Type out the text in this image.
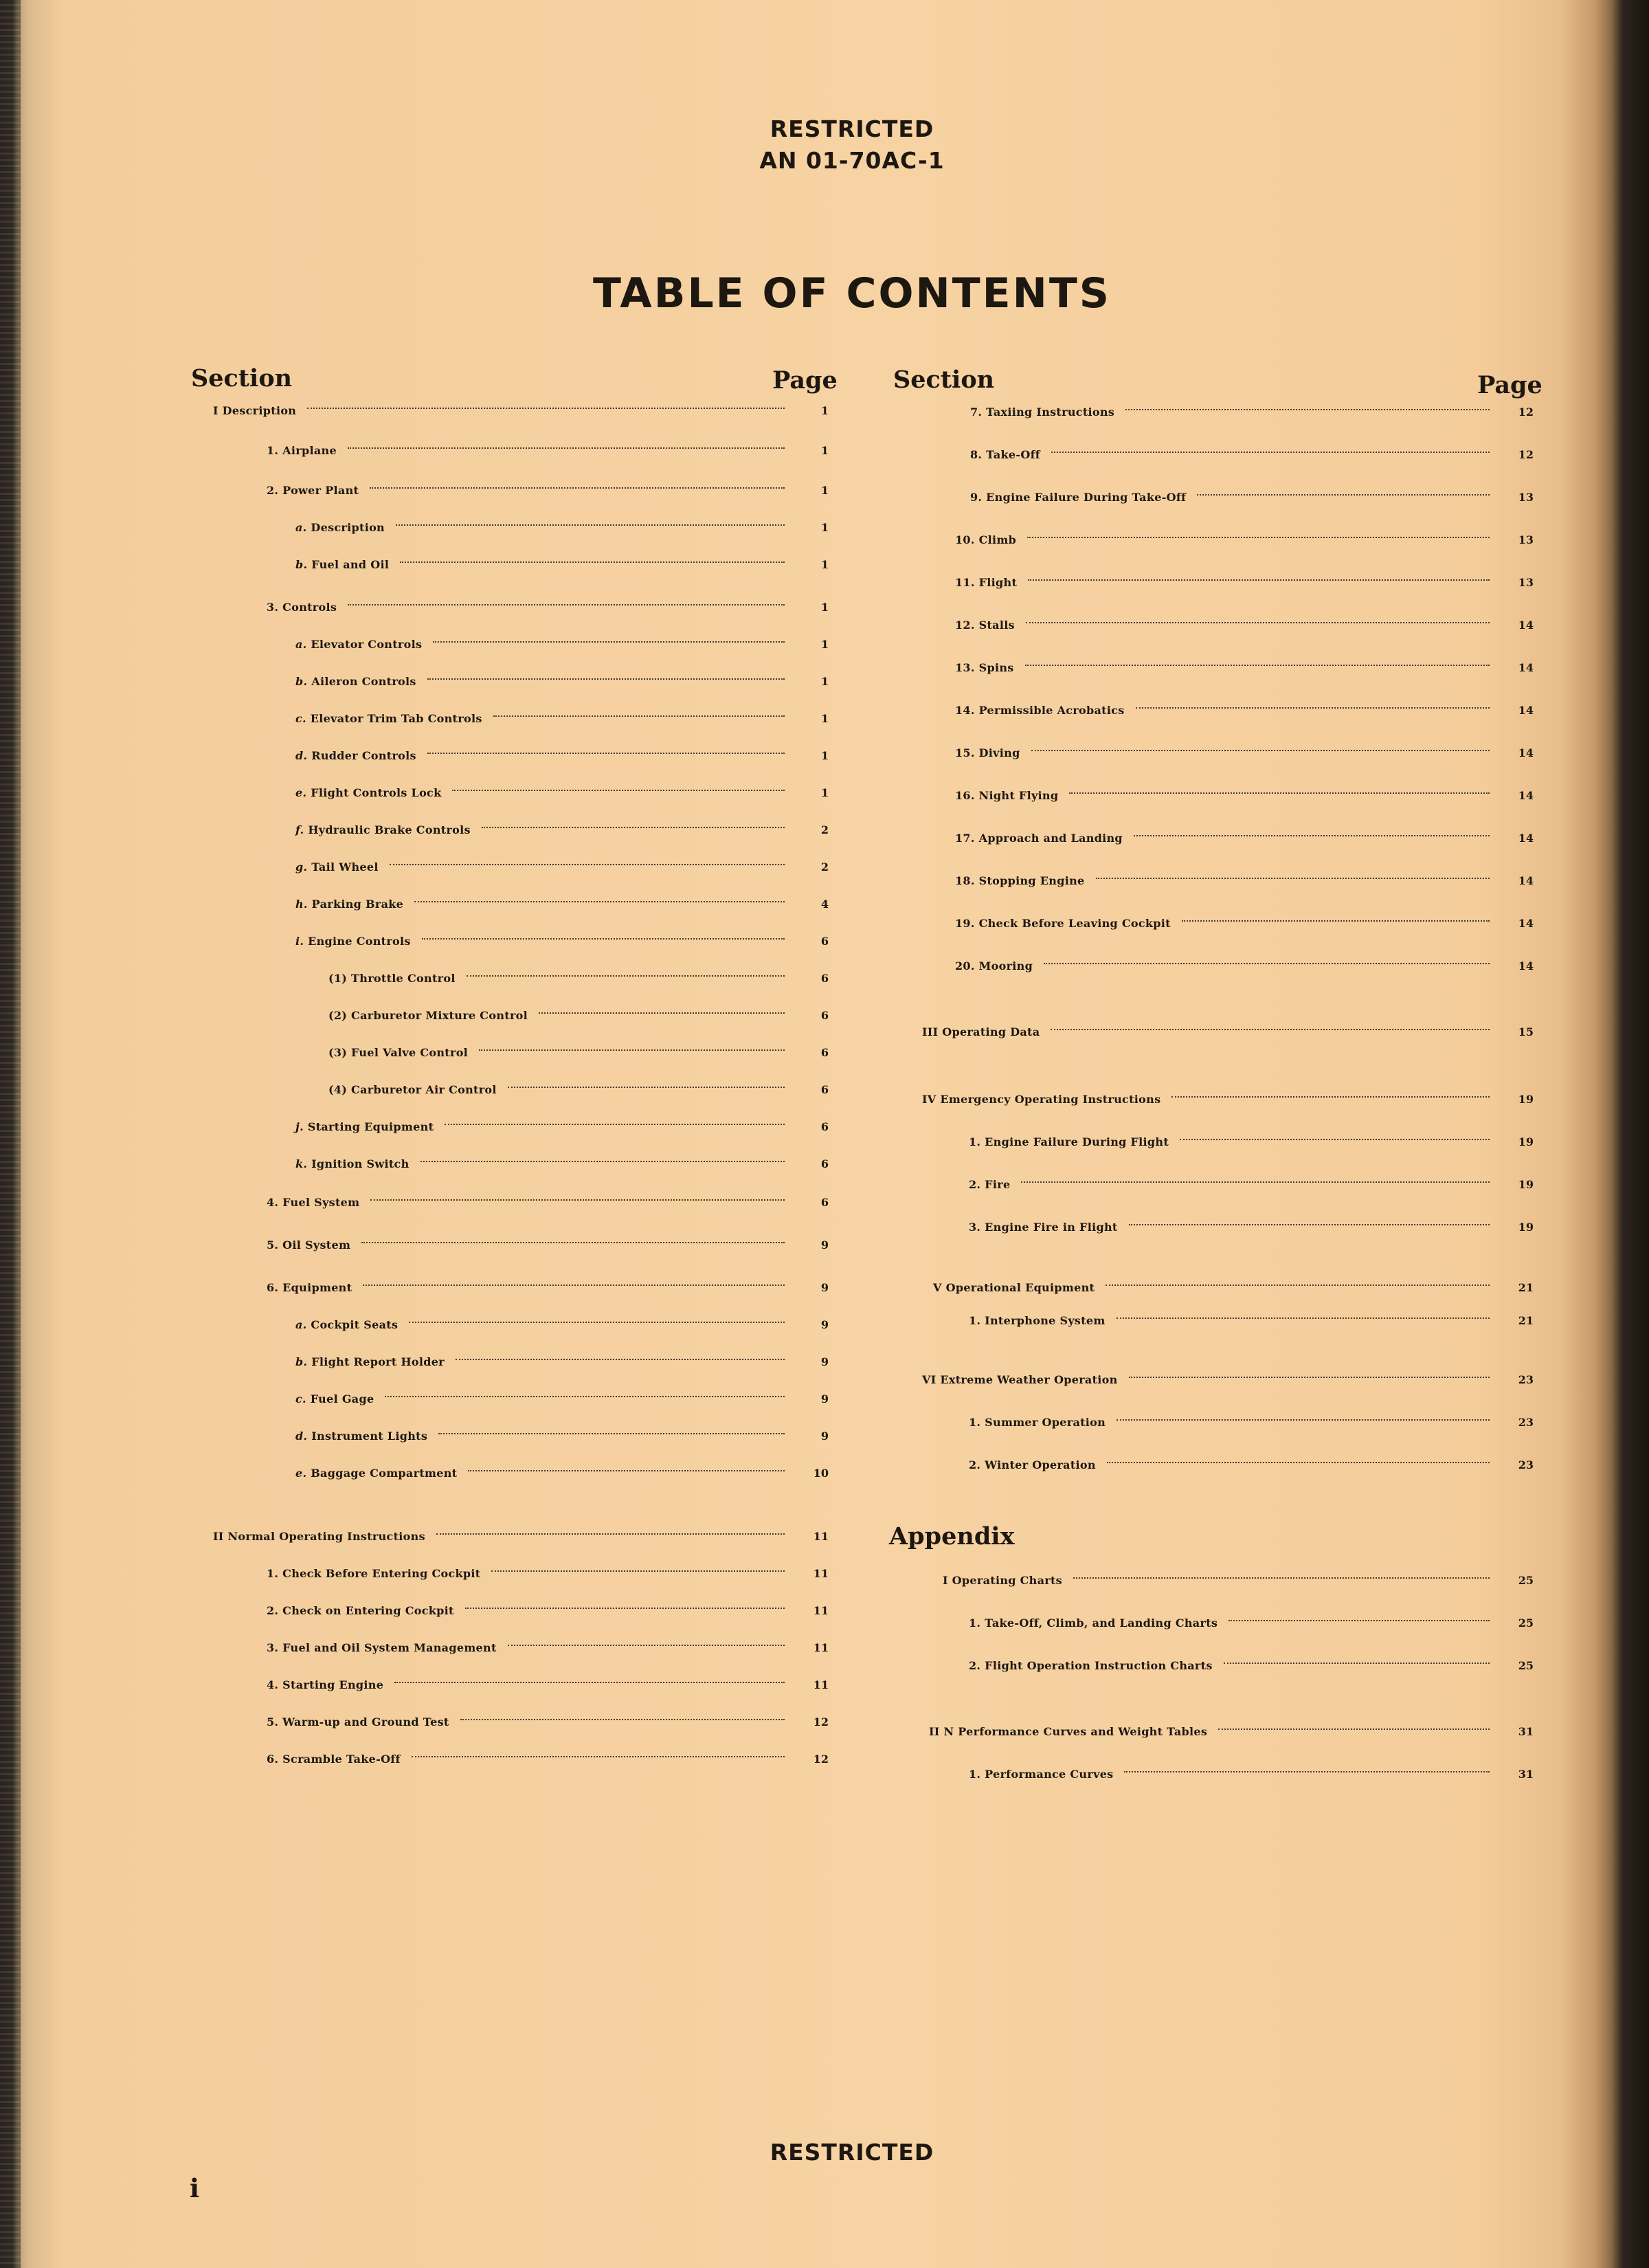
RESTRICTED
AN 01-70AC-1
TABLE OF CONTENTS
Section	Page Section	Page
I Description	1
1. Airplane	1
2. Power Plant	1
a. Description	1
b. Fuel and Oil	1
3. Controls	1
a. Elevator Controls	1
b. Aileron Controls	1
c. Elevator Trim Tab Controls	1
d. Rudder Controls	1
e. Flight Controls Lock	1
f. Hydraulic Brake Controls	2
g. Tail Wheel	2
h. Parking Brake	4
i. Engine Controls	6
(1) Throttle Control	6
(2) Carburetor Mixture Control	6
(3) Fuel Valve Control	6
(4) Carburetor Air Control	6
j. Starting Equipment	6
k. Ignition Switch	6
4. Fuel System	6
5. Oil System	9
6. Equipment	9
a. Cockpit Seats	9
b. Flight Report Holder	9
c. Fuel Gage	9
d. Instrument Lights	9
e. Baggage Compartment	10
II Normal Operating Instructions	11
1. Check Before Entering Cockpit	11
2. Check on Entering Cockpit	11
3. Fuel and Oil System Management	11
4. Starting Engine	11
5. Warm-up and Ground Test	12
6. Scramble Take-Off	12
7. Taxiing Instructions	12
8. Take-Off	12
9. Engine Failure During Take-Off	13
10. Climb	13
11. Flight	13
12. Stalls	14
13. Spins	14
14. Permissible Acrobatics	14
15. Diving	14
16. Night Flying	14
17. Approach and Landing	14
18. Stopping Engine	14
19. Check Before Leaving Cockpit	14
20. Mooring	14
III Operating Data	15
IV Emergency Operating Instructions	19
1. Engine Failure During Flight	19
2. Fire	19
3. Engine Fire in Flight	19
V Operational Equipment	21
1. Interphone System	21
VI Extreme Weather Operation	23
1. Summer Operation	23
2. Winter Operation	23
I Operating Charts	25
1. Take-Off, Climb, and Landing Charts	25
2. Flight Operation Instruction Charts	25
II N Performance Curves and Weight Tables	31
1. Performance Curves	31
Appendix
RESTRICTED
i
